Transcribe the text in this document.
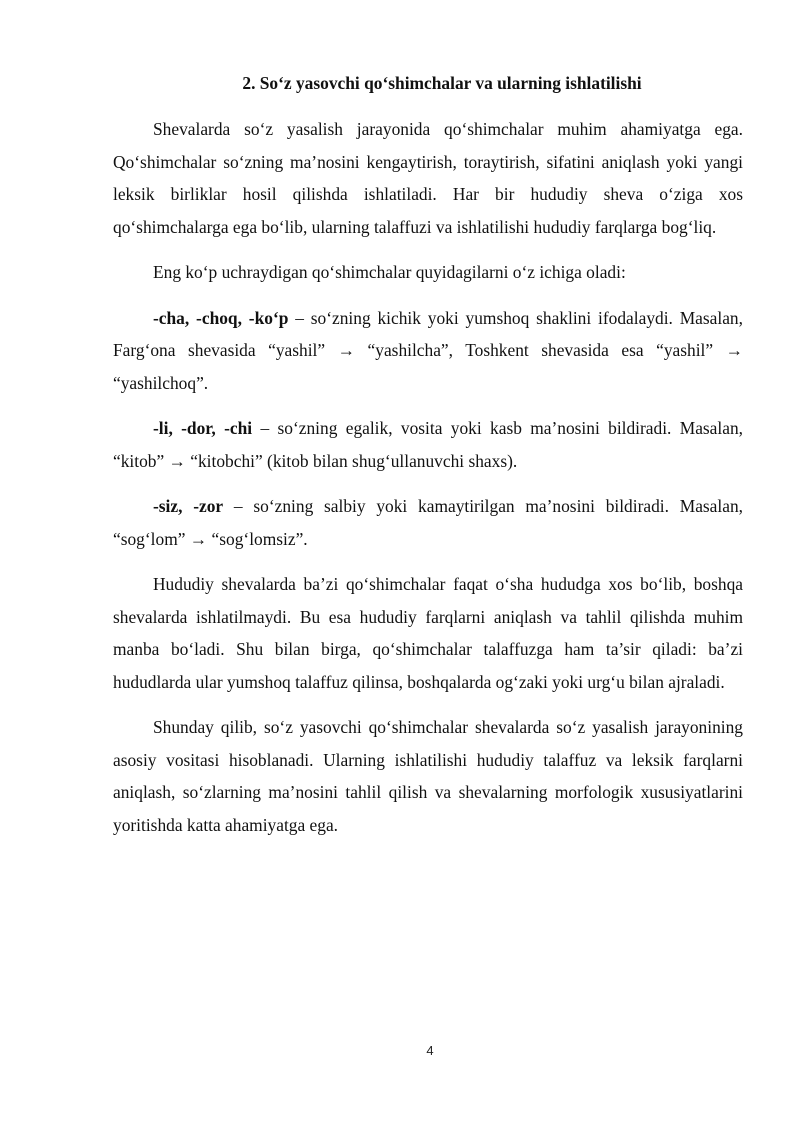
2. So‘z yasovchi qo‘shimchalar va ularning ishlatilishi

Shevalarda so‘z yasalish jarayonida qo‘shimchalar muhim ahamiyatga ega. Qo‘shimchalar so‘zning ma’nosini kengaytirish, toraytirish, sifatini aniqlash yoki yangi leksik birliklar hosil qilishda ishlatiladi. Har bir hududiy sheva o‘ziga xos qo‘shimchalarga ega bo‘lib, ularning talaffuzi va ishlatilishi hududiy farqlarga bog‘liq.

Eng ko‘p uchraydigan qo‘shimchalar quyidagilarni o‘z ichiga oladi:

-cha, -choq, -ko‘p – so‘zning kichik yoki yumshoq shaklini ifodalaydi. Masalan, Farg‘ona shevasida “yashil” → “yashilcha”, Toshkent shevasida esa “yashil” → “yashilchoq”.

-li, -dor, -chi – so‘zning egalik, vosita yoki kasb ma’nosini bildiradi. Masalan, “kitob” → “kitobchi” (kitob bilan shug‘ullanuvchi shaxs).

-siz, -zor – so‘zning salbiy yoki kamaytirilgan ma’nosini bildiradi. Masalan, “sog‘lom” → “sog‘lomsiz”.

Hududiy shevalarda ba’zi qo‘shimchalar faqat o‘sha hududga xos bo‘lib, boshqa shevalarda ishlatilmaydi. Bu esa hududiy farqlarni aniqlash va tahlil qilishda muhim manba bo‘ladi. Shu bilan birga, qo‘shimchalar talaffuzga ham ta’sir qiladi: ba’zi hududlarda ular yumshoq talaffuz qilinsa, boshqalarda og‘zaki yoki urg‘u bilan ajraladi.

Shunday qilib, so‘z yasovchi qo‘shimchalar shevalarda so‘z yasalish jarayonining asosiy vositasi hisoblanadi. Ularning ishlatilishi hududiy talaffuz va leksik farqlarni aniqlash, so‘zlarning ma’nosini tahlil qilish va shevalarning morfologik xususiyatlarini yoritishda katta ahamiyatga ega.

4
